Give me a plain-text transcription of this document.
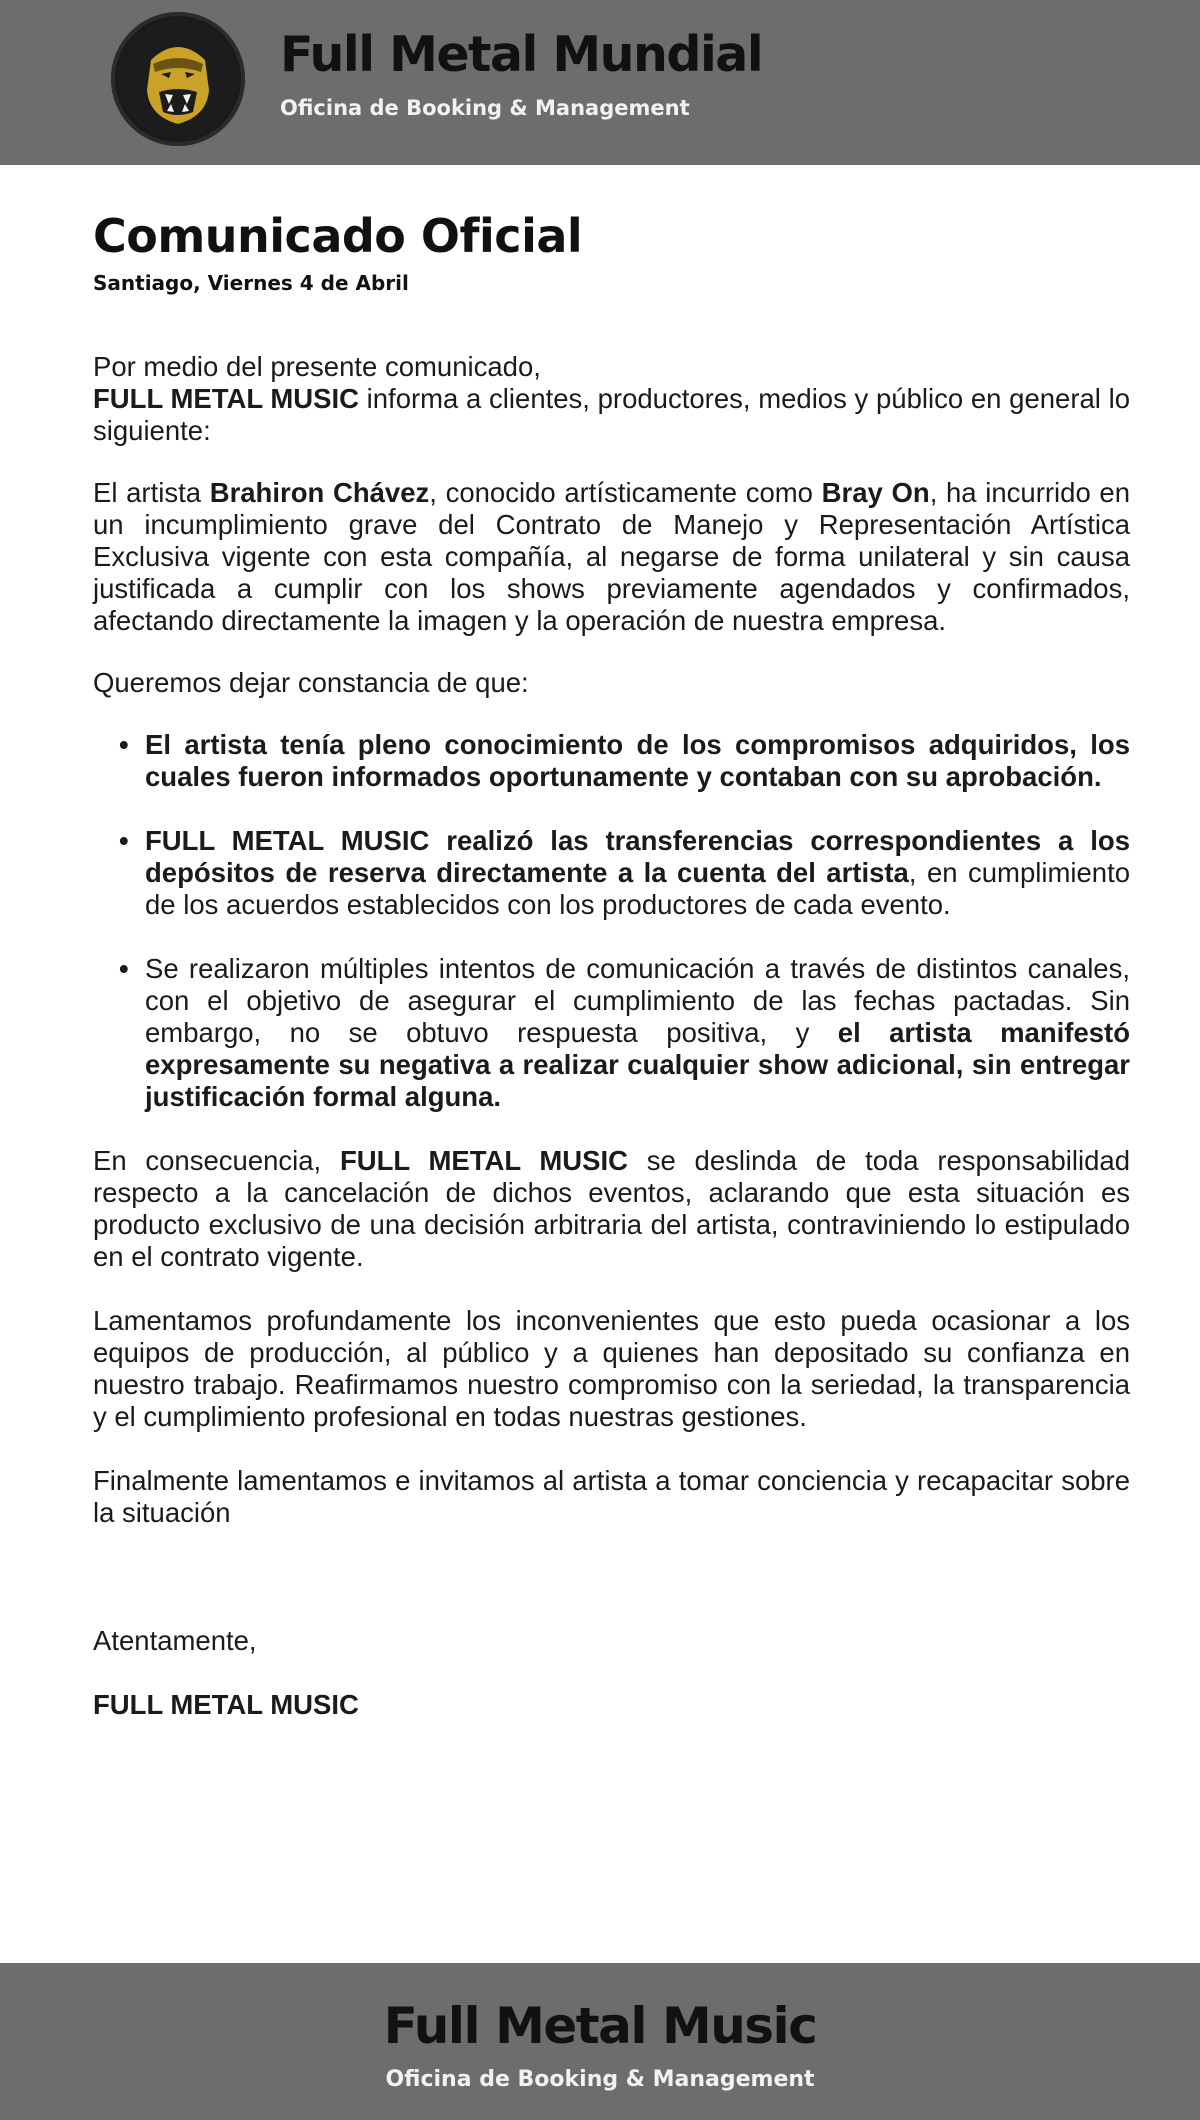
Full Metal Mundial
Oficina de Booking & Management
Comunicado Oficial
Santiago, Viernes 4 de Abril

Por medio del presente comunicado,
FULL METAL MUSIC informa a clientes, productores, medios y público en general lo siguiente:

El artista Brahiron Chávez, conocido artísticamente como Bray On, ha incurrido en un incumplimiento grave del Contrato de Manejo y Representación Artística Exclusiva vigente con esta compañía, al negarse de forma unilateral y sin causa justificada a cumplir con los shows previamente agendados y confirmados, afectando directamente la imagen y la operación de nuestra empresa.

Queremos dejar constancia de que:

• El artista tenía pleno conocimiento de los compromisos adquiridos, los cuales fueron informados oportunamente y contaban con su aprobación.
• FULL METAL MUSIC realizó las transferencias correspondientes a los depósitos de reserva directamente a la cuenta del artista, en cumplimiento de los acuerdos establecidos con los productores de cada evento.
• Se realizaron múltiples intentos de comunicación a través de distintos canales, con el objetivo de asegurar el cumplimiento de las fechas pactadas. Sin embargo, no se obtuvo respuesta positiva, y el artista manifestó expresamente su negativa a realizar cualquier show adicional, sin entregar justificación formal alguna.

En consecuencia, FULL METAL MUSIC se deslinda de toda responsabilidad respecto a la cancelación de dichos eventos, aclarando que esta situación es producto exclusivo de una decisión arbitraria del artista, contraviniendo lo estipulado en el contrato vigente.

Lamentamos profundamente los inconvenientes que esto pueda ocasionar a los equipos de producción, al público y a quienes han depositado su confianza en nuestro trabajo. Reafirmamos nuestro compromiso con la seriedad, la transparencia y el cumplimiento profesional en todas nuestras gestiones.

Finalmente lamentamos e invitamos al artista a tomar conciencia y recapacitar sobre la situación

Atentamente,

FULL METAL MUSIC

Full Metal Music
Oficina de Booking & Management
